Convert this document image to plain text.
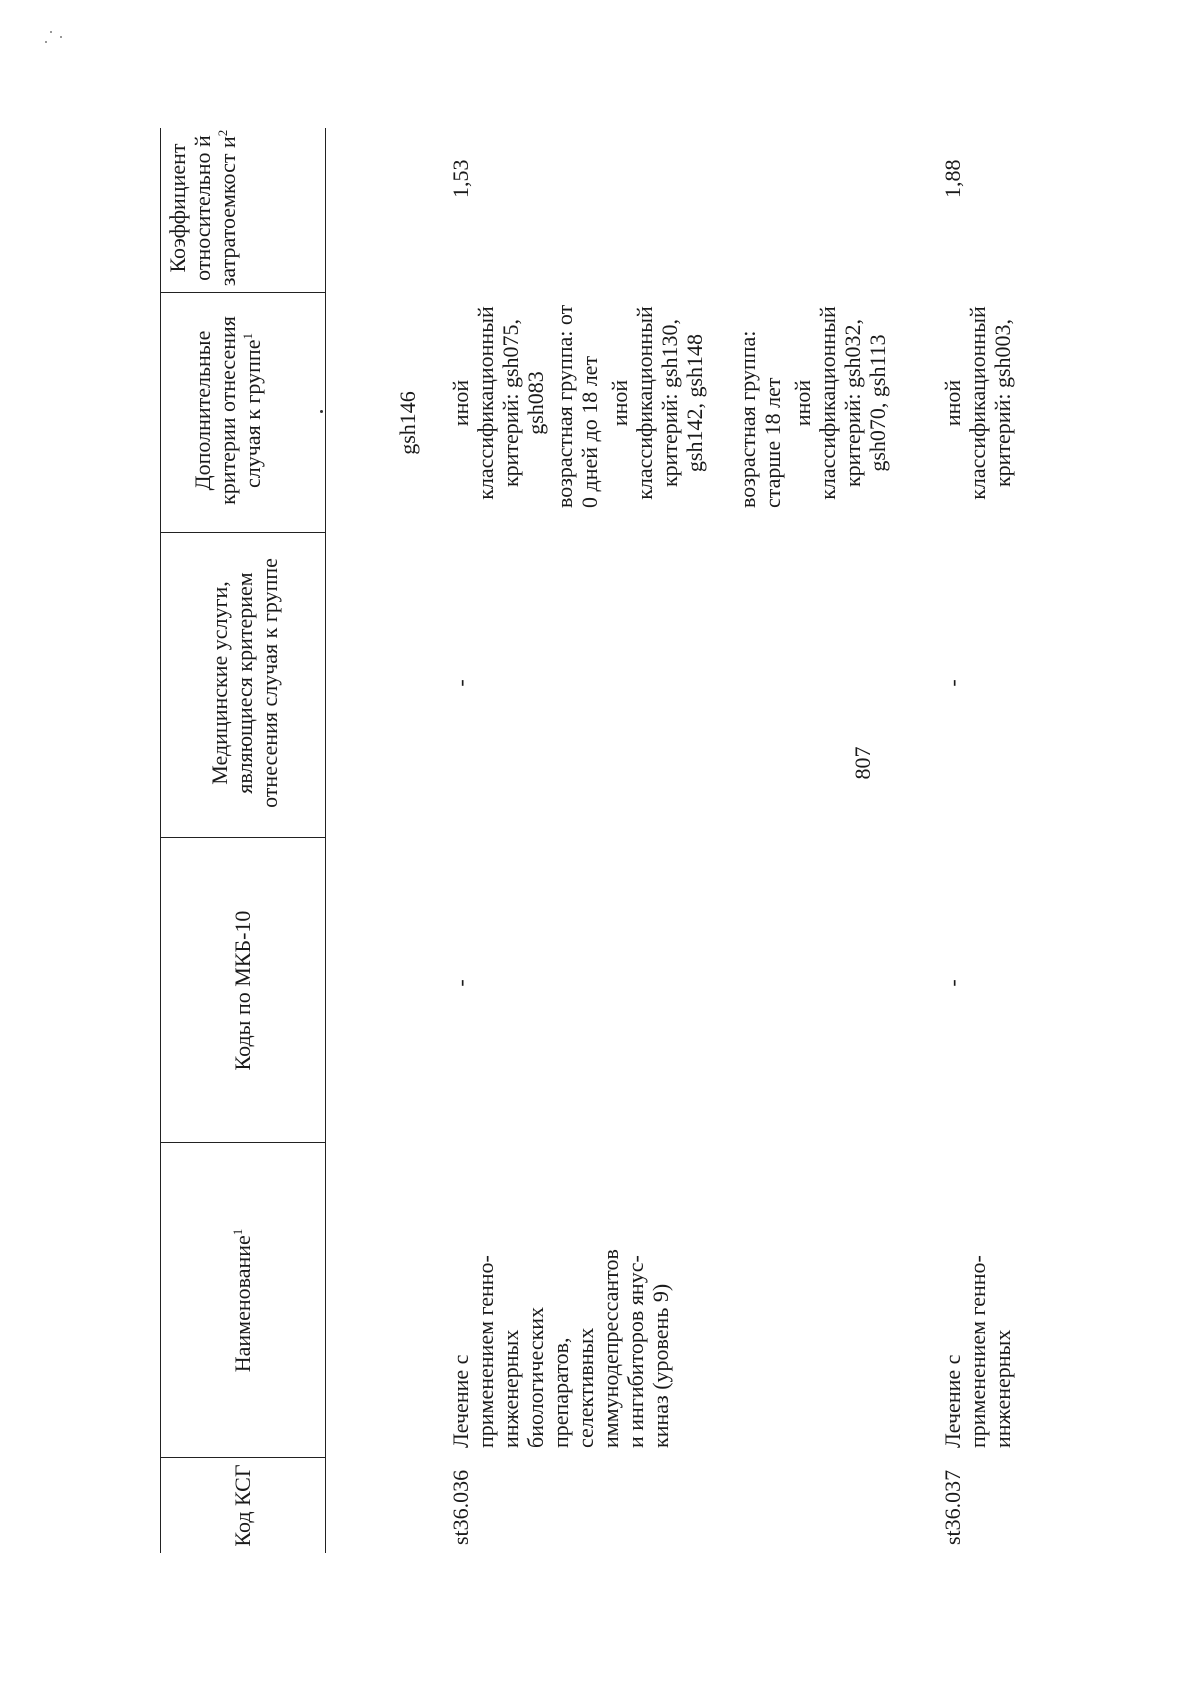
807
Код КСГ
Наименование$^1$
Коды по МКБ-10
Медицинские услуги, являющиеся критерием отнесения случая к группе
Дополнительные критерии отнесения случая к группе$^1$
Коэффициент относительно й затратоемкост $и^2$
gsh146
st36.036
Лечение с применением генно-инженерных биологических препаратов, селективных иммунодепрессантов и ингибиторов янус-киназ (уровень 9)
-
-
иной классификационный критерий: gsh075, gsh083 возрастная группа: от 0 дней до 18 лет иной классификационный критерий: gsh130, gsh142, gsh148 возрастная группа: старше 18 лет иной классификационный критерий: gsh032, gsh070, gsh113
1,53
st36.037
Лечение с применением генно-инженерных
-
-
иной классификационный критерий: gsh003,
1,88
